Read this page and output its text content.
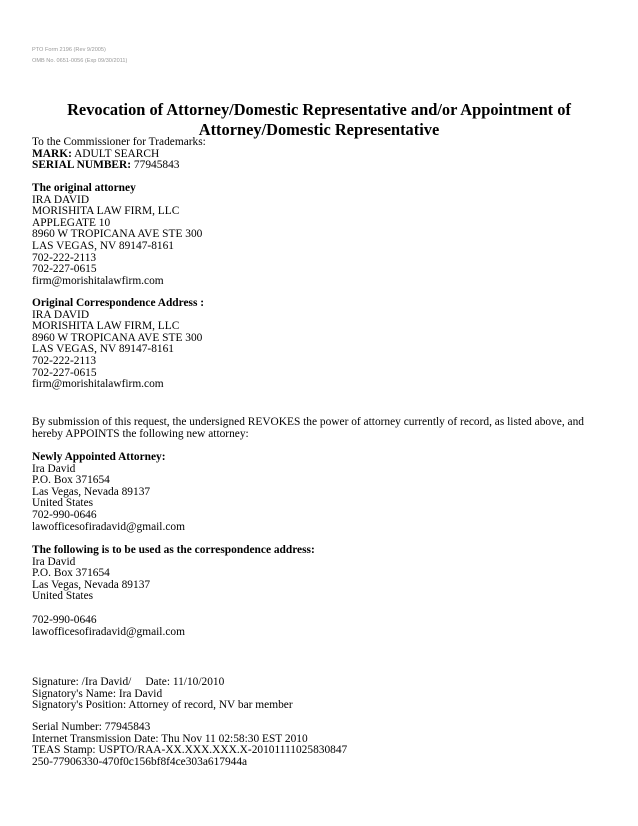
PTO Form 2196 (Rev 9/2005)
OMB No. 0651-0056 (Exp 09/30/2011)
Revocation of Attorney/Domestic Representative and/or Appointment of
Attorney/Domestic Representative
To the Commissioner for Trademarks:
MARK: ADULT SEARCH
SERIAL NUMBER: 77945843
The original attorney
IRA DAVID
MORISHITA LAW FIRM, LLC
APPLEGATE 10
8960 W TROPICANA AVE STE 300
LAS VEGAS, NV 89147-8161
702-222-2113
702-227-0615
firm@morishitalawfirm.com
Original Correspondence Address :
IRA DAVID
MORISHITA LAW FIRM, LLC
8960 W TROPICANA AVE STE 300
LAS VEGAS, NV 89147-8161
702-222-2113
702-227-0615
firm@morishitalawfirm.com
By submission of this request, the undersigned REVOKES the power of attorney currently of record, as listed above, and hereby APPOINTS the following new attorney:
Newly Appointed Attorney:
Ira David
P.O. Box 371654
Las Vegas, Nevada 89137
United States
702-990-0646
lawofficesofiradavid@gmail.com
The following is to be used as the correspondence address:
Ira David
P.O. Box 371654
Las Vegas, Nevada 89137
United States
702-990-0646
lawofficesofiradavid@gmail.com
Signature: /Ira David/ Date: 11/10/2010
Signatory's Name: Ira David
Signatory's Position: Attorney of record, NV bar member
Serial Number: 77945843
Internet Transmission Date: Thu Nov 11 02:58:30 EST 2010
TEAS Stamp: USPTO/RAA-XX.XXX.XXX.X-20101111025830847
250-77906330-470f0c156bf8f4ce303a617944a
